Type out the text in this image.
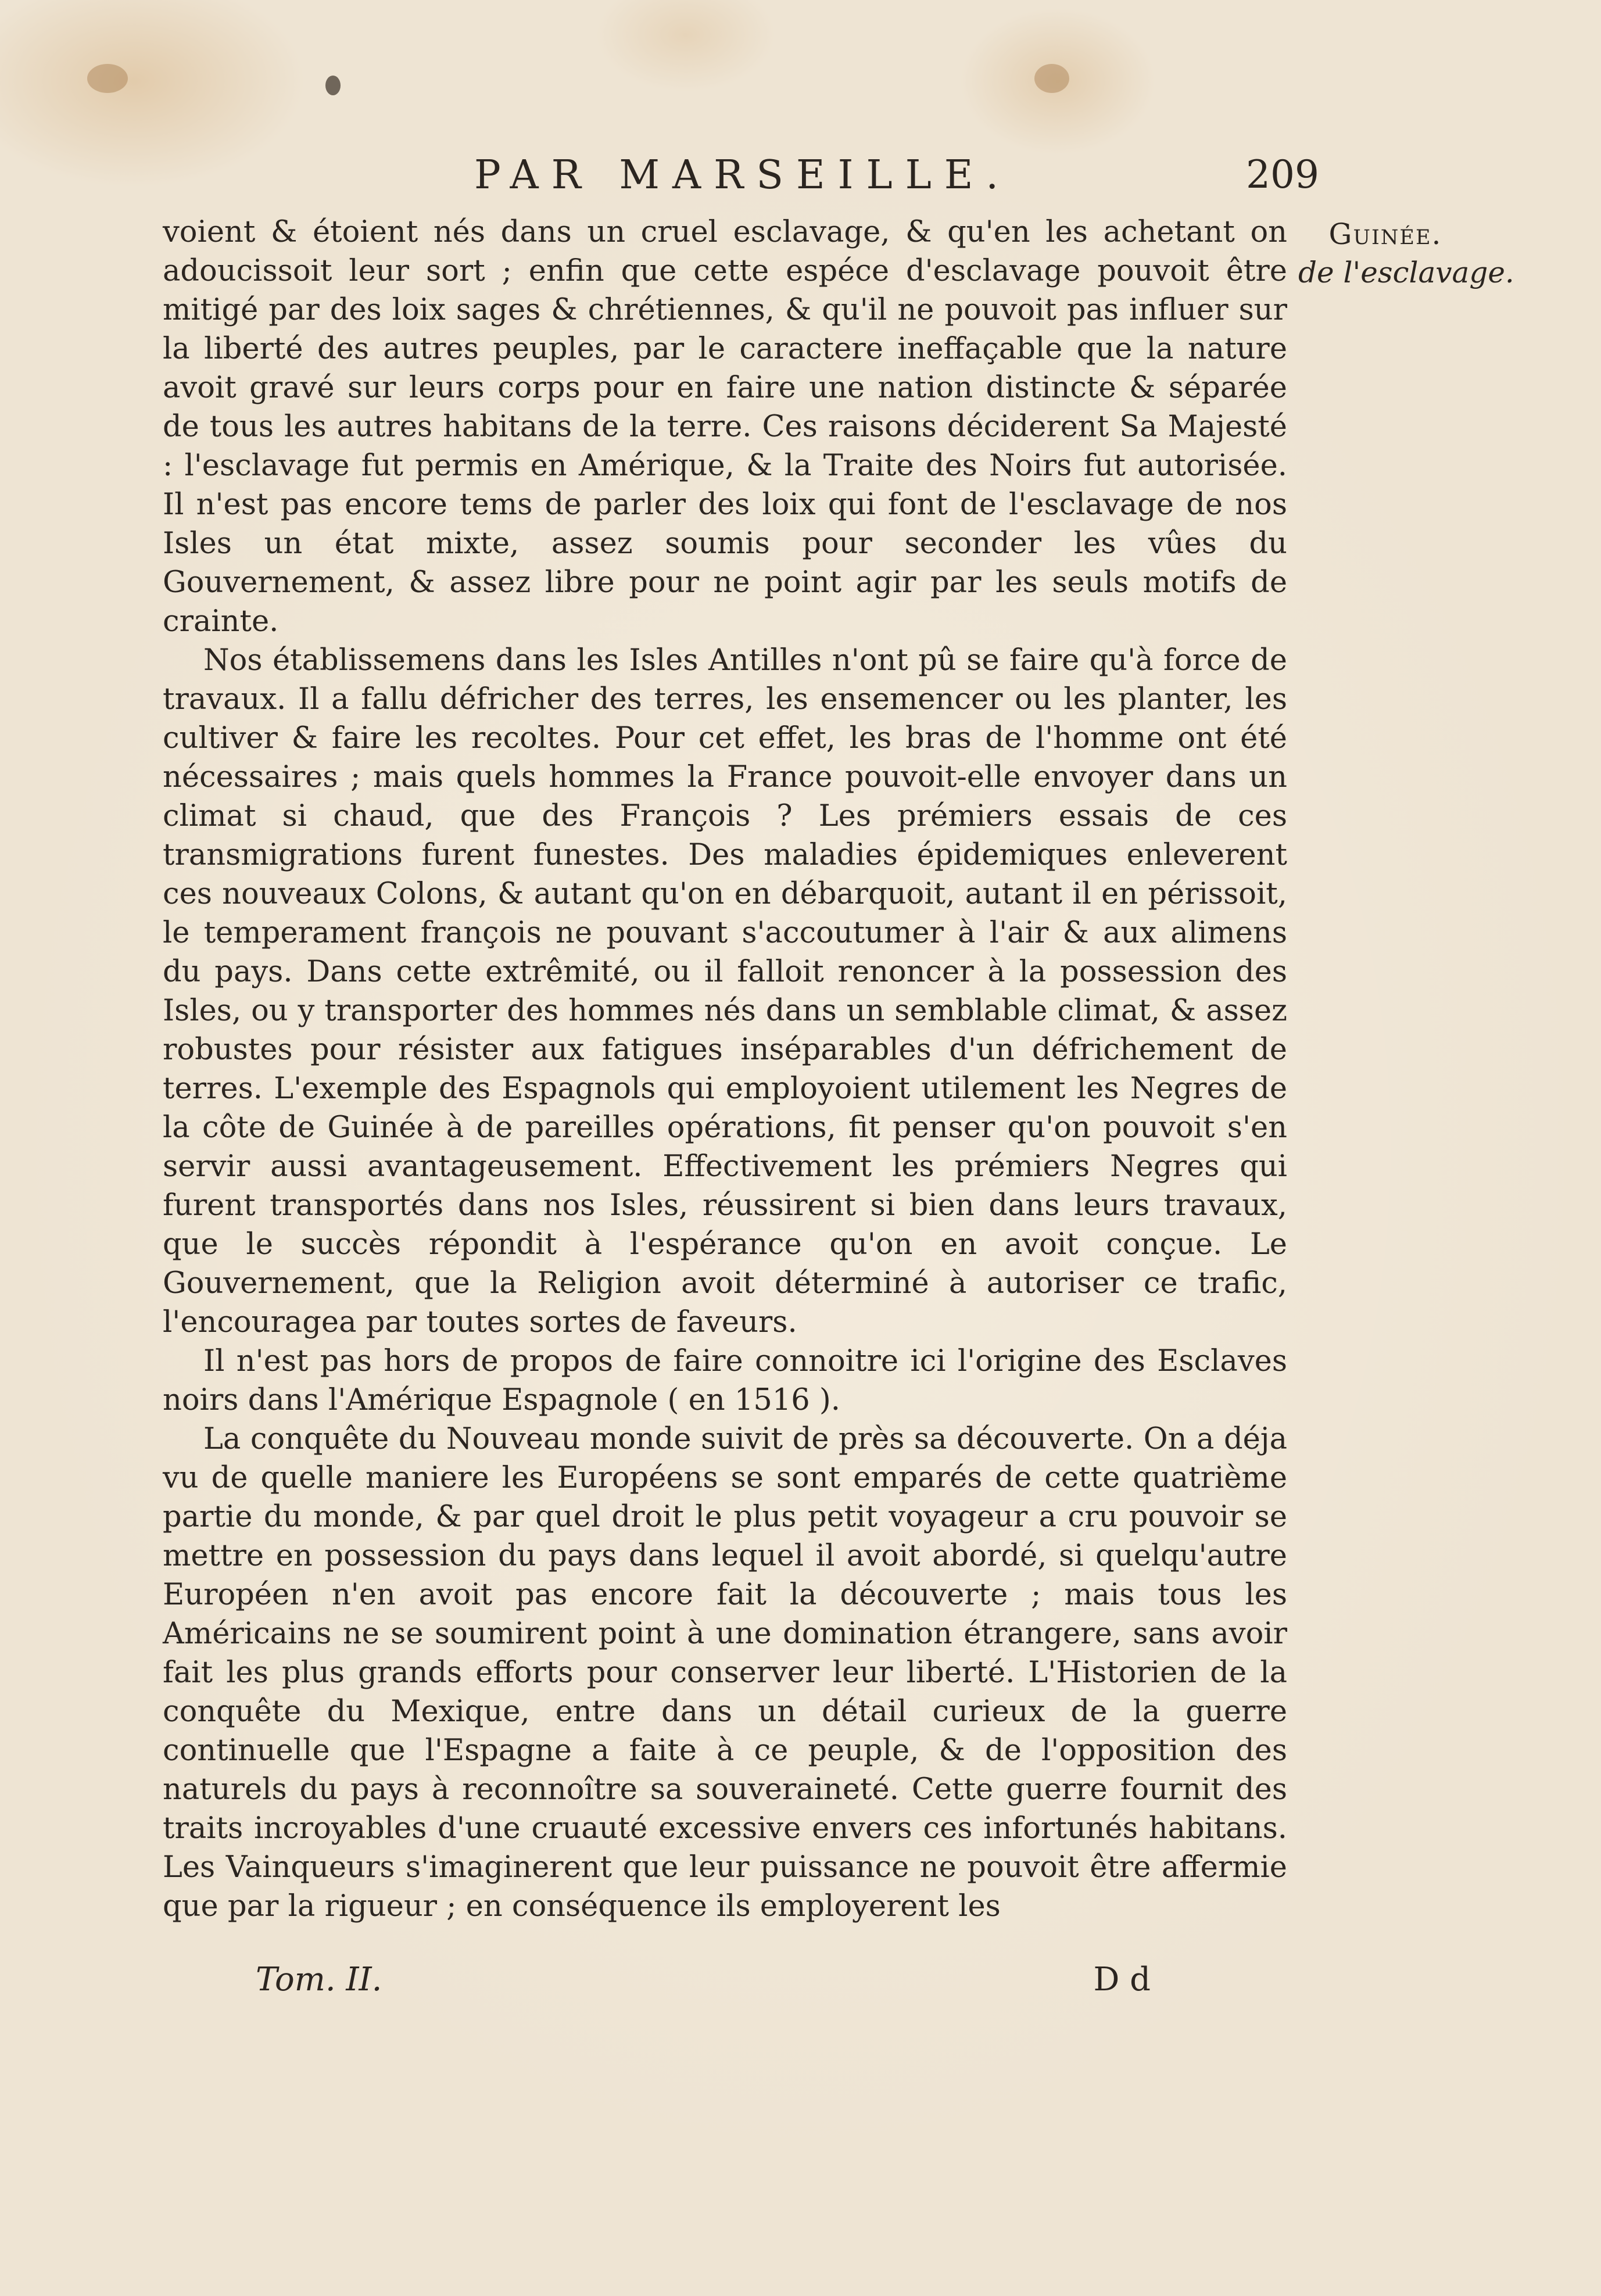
PAR MARSEILLE.	209
Guinée.
de l'esclavage.

voient & étoient nés dans un cruel esclavage, & qu'en les achetant on adoucissoit leur sort ; enfin que cette espéce d'esclavage pouvoit être mitigé par des loix sages & chrétiennes, & qu'il ne pouvoit pas influer sur la liberté des autres peuples, par le caractere ineffaçable que la nature avoit gravé sur leurs corps pour en faire une nation distincte & séparée de tous les autres habitans de la terre. Ces raisons déciderent Sa Majesté : l'esclavage fut permis en Amérique, & la Traite des Noirs fut autorisée. Il n'est pas encore tems de parler des loix qui font de l'esclavage de nos Isles un état mixte, assez soumis pour seconder les vûes du Gouvernement, & assez libre pour ne point agir par les seuls motifs de crainte.

Nos établissemens dans les Isles Antilles n'ont pû se faire qu'à force de travaux. Il a fallu défricher des terres, les ensemencer ou les planter, les cultiver & faire les recoltes. Pour cet effet, les bras de l'homme ont été nécessaires ; mais quels hommes la France pouvoit-elle envoyer dans un climat si chaud, que des François ? Les prémiers essais de ces transmigrations furent funestes. Des maladies épidemiques enleverent ces nouveaux Colons, & autant qu'on en débarquoit, autant il en périssoit, le temperament françois ne pouvant s'accoutumer à l'air & aux alimens du pays. Dans cette extrêmité, ou il falloit renoncer à la possession des Isles, ou y transporter des hommes nés dans un semblable climat, & assez robustes pour résister aux fatigues inséparables d'un défrichement de terres. L'exemple des Espagnols qui employoient utilement les Negres de la côte de Guinée à de pareilles opérations, fit penser qu'on pouvoit s'en servir aussi avantageusement. Effectivement les prémiers Negres qui furent transportés dans nos Isles, réussirent si bien dans leurs travaux, que le succès répondit à l'espérance qu'on en avoit conçue. Le Gouvernement, que la Religion avoit déterminé à autoriser ce trafic, l'encouragea par toutes sortes de faveurs.

Il n'est pas hors de propos de faire connoitre ici l'origine des Esclaves noirs dans l'Amérique Espagnole ( en 1516 ).

La conquête du Nouveau monde suivit de près sa découverte. On a déja vu de quelle maniere les Européens se sont emparés de cette quatrième partie du monde, & par quel droit le plus petit voyageur a cru pouvoir se mettre en possession du pays dans lequel il avoit abordé, si quelqu'autre Européen n'en avoit pas encore fait la découverte ; mais tous les Américains ne se soumirent point à une domination étrangere, sans avoir fait les plus grands efforts pour conserver leur liberté. L'Historien de la conquête du Mexique, entre dans un détail curieux de la guerre continuelle que l'Espagne a faite à ce peuple, & de l'opposition des naturels du pays à reconnoître sa souveraineté. Cette guerre fournit des traits incroyables d'une cruauté excessive envers ces infortunés habitans. Les Vainqueurs s'imaginerent que leur puissance ne pouvoit être affermie que par la rigueur ; en conséquence ils employerent les

Tom. II.	D d
